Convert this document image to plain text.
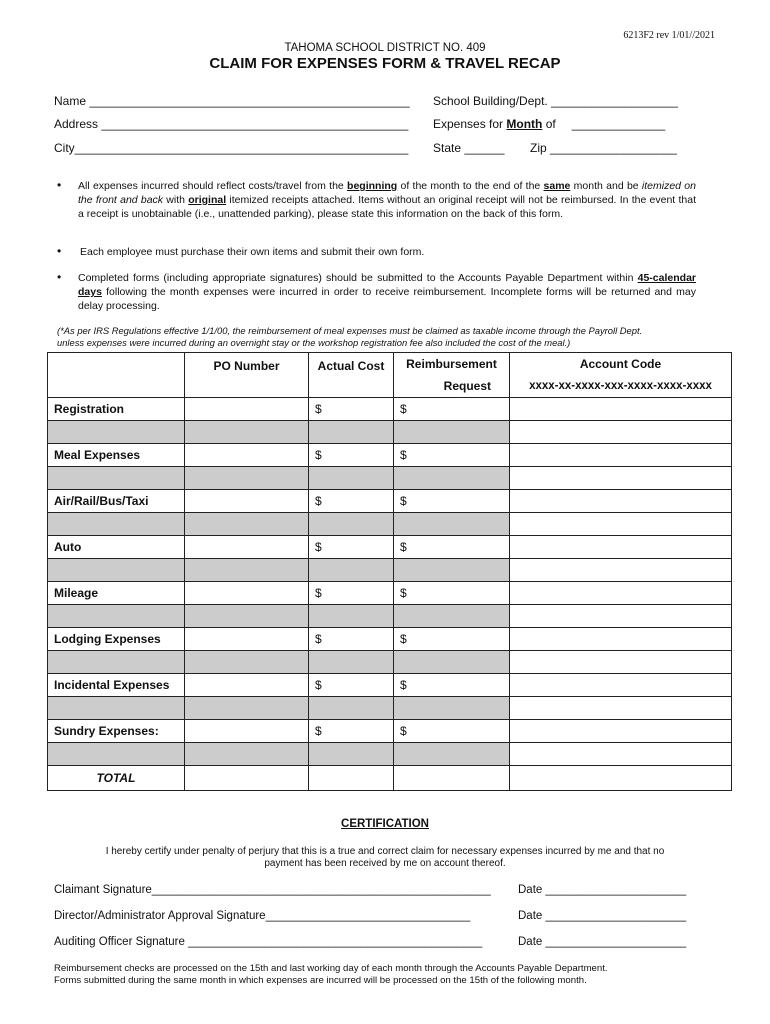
6213F2 rev 1/01//2021
TAHOMA SCHOOL DISTRICT NO. 409
CLAIM FOR EXPENSES FORM & TRAVEL RECAP
Name ________________________________________________ School Building/Dept. ___________________
Address ______________________________________________ Expenses for Month of ______________
City__________________________________________________ State ______ Zip ___________________
• All expenses incurred should reflect costs/travel from the beginning of the month to the end of the same month and be itemized on the front and back with original itemized receipts attached. Items without an original receipt will not be reimbursed. In the event that a receipt is unobtainable (i.e., unattended parking), please state this information on the back of this form.
• Each employee must purchase their own items and submit their own form.
• Completed forms (including appropriate signatures) should be submitted to the Accounts Payable Department within 45-calendar days following the month expenses were incurred in order to receive reimbursement. Incomplete forms will be returned and may delay processing.
(*As per IRS Regulations effective 1/1/00, the reimbursement of meal expenses must be claimed as taxable income through the Payroll Dept.
unless expenses were incurred during an overnight stay or the workshop registration fee also included the cost of the meal.)
	PO Number	Actual Cost	Reimbursement	Account Code
			Request	xxxx-xx-xxxx-xxx-xxxx-xxxx-xxxx
Registration		$	$	

Meal Expenses		$	$	

Air/Rail/Bus/Taxi		$	$	

Auto		$	$	

Mileage		$	$	

Lodging Expenses		$	$	

Incidental Expenses		$	$	

Sundry Expenses:		$	$	

TOTAL				
CERTIFICATION
I hereby certify under penalty of perjury that this is a true and correct claim for necessary expenses incurred by me and that no
payment has been received by me on account thereof.
Claimant Signature_____________________________________________________ Date ______________________
Director/Administrator Approval Signature________________________________	Date ______________________
Auditing Officer Signature ______________________________________________	Date ______________________
Reimbursement checks are processed on the 15th and last working day of each month through the Accounts Payable Department.
Forms submitted during the same month in which expenses are incurred will be processed on the 15th of the following month.
